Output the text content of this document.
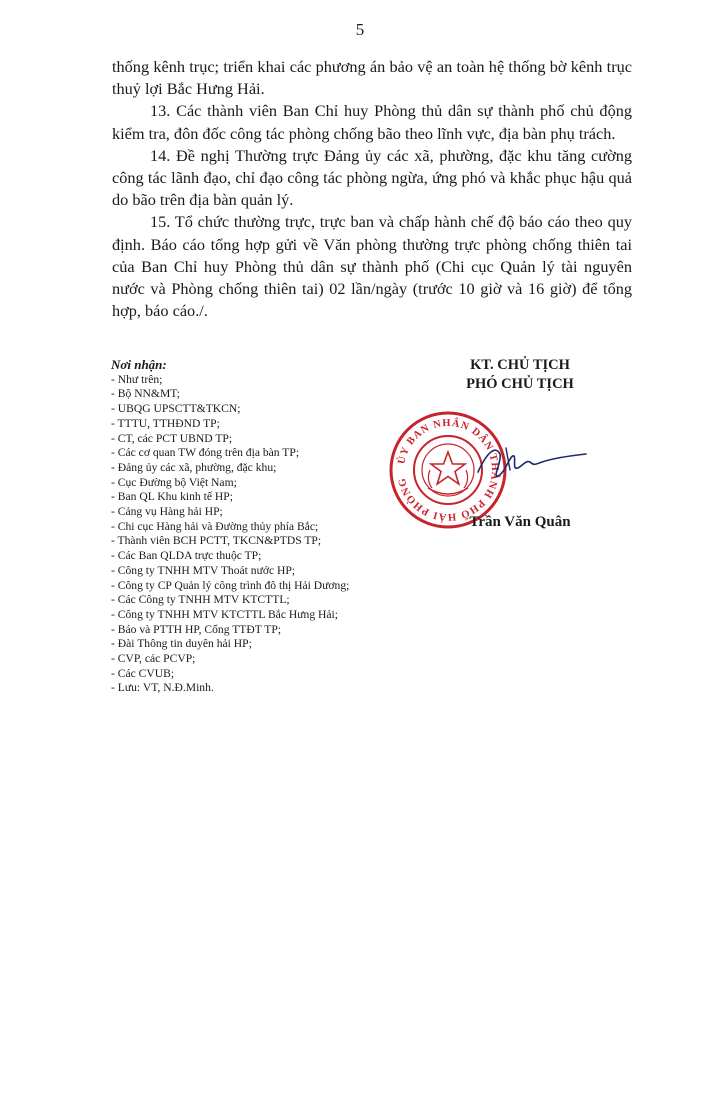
5

thống kênh trục; triển khai các phương án bảo vệ an toàn hệ thống bờ kênh trục thuỷ lợi Bắc Hưng Hải.

13. Các thành viên Ban Chỉ huy Phòng thủ dân sự thành phố chủ động kiểm tra, đôn đốc công tác phòng chống bão theo lĩnh vực, địa bàn phụ trách.

14. Đề nghị Thường trực Đảng ủy các xã, phường, đặc khu tăng cường công tác lãnh đạo, chỉ đạo công tác phòng ngừa, ứng phó và khắc phục hậu quả do bão trên địa bàn quản lý.

15. Tổ chức thường trực, trực ban và chấp hành chế độ báo cáo theo quy định. Báo cáo tổng hợp gửi về Văn phòng thường trực phòng chống thiên tai của Ban Chỉ huy Phòng thủ dân sự thành phố (Chi cục Quản lý tài nguyên nước và Phòng chống thiên tai) 02 lần/ngày (trước 10 giờ và 16 giờ) để tổng hợp, báo cáo./.

Nơi nhận:
- Như trên;
- Bộ NN&MT;
- UBQG UPSCTT&TKCN;
- TTTU, TTHĐND TP;
- CT, các PCT UBND TP;
- Các cơ quan TW đóng trên địa bàn TP;
- Đảng ủy các xã, phường, đặc khu;
- Cục Đường bộ Việt Nam;
- Ban QL Khu kinh tế HP;
- Cảng vụ Hàng hải HP;
- Chi cục Hàng hải và Đường thủy phía Bắc;
- Thành viên BCH PCTT, TKCN&PTDS TP;
- Các Ban QLDA trực thuộc TP;
- Công ty TNHH MTV Thoát nước HP;
- Công ty CP Quản lý công trình đô thị Hải Dương;
- Các Công ty TNHH MTV KTCTTL;
- Công ty TNHH MTV KTCTTL Bắc Hưng Hải;
- Báo và PTTH HP, Cổng TTĐT TP;
- Đài Thông tin duyên hải HP;
- CVP, các PCVP;
- Các CVUB;
- Lưu: VT, N.Đ.Minh.
KT. CHỦ TỊCH
PHÓ CHỦ TỊCH
ỦY BAN NHÂN DÂN THÀNH PHỐ HẢI PHÒNG
Trần Văn Quân
